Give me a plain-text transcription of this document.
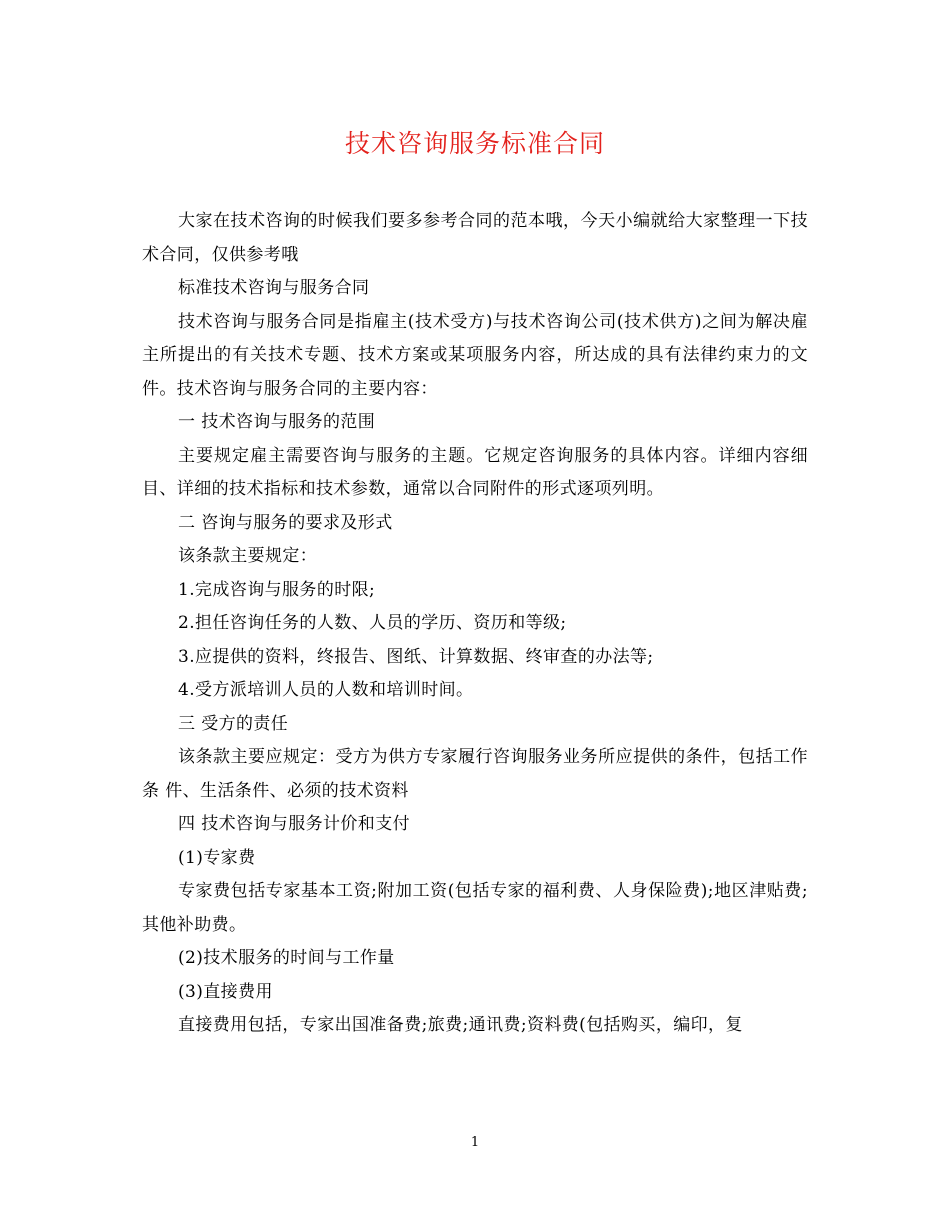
技术咨询服务标准合同

大家在技术咨询的时候我们要多参考合同的范本哦，今天小编就给大家整理一下技术合同，仅供参考哦

标准技术咨询与服务合同

技术咨询与服务合同是指雇主(技术受方)与技术咨询公司(技术供方)之间为解决雇主所提出的有关技术专题、技术方案或某项服务内容，所达成的具有法律约束力的文件。技术咨询与服务合同的主要内容：

一 技术咨询与服务的范围

主要规定雇主需要咨询与服务的主题。它规定咨询服务的具体内容。详细内容细目、详细的技术指标和技术参数，通常以合同附件的形式逐项列明。

二 咨询与服务的要求及形式

该条款主要规定：

1.完成咨询与服务的时限;

2.担任咨询任务的人数、人员的学历、资历和等级;

3.应提供的资料，终报告、图纸、计算数据、终审查的办法等;

4.受方派培训人员的人数和培训时间。

三 受方的责任

该条款主要应规定：受方为供方专家履行咨询服务业务所应提供的条件，包括工作条 件、生活条件、必须的技术资料

四 技术咨询与服务计价和支付

(1)专家费

专家费包括专家基本工资;附加工资(包括专家的福利费、人身保险费);地区津贴费;其他补助费。

(2)技术服务的时间与工作量

(3)直接费用

直接费用包括，专家出国准备费;旅费;通讯费;资料费(包括购买，编印，复

1
